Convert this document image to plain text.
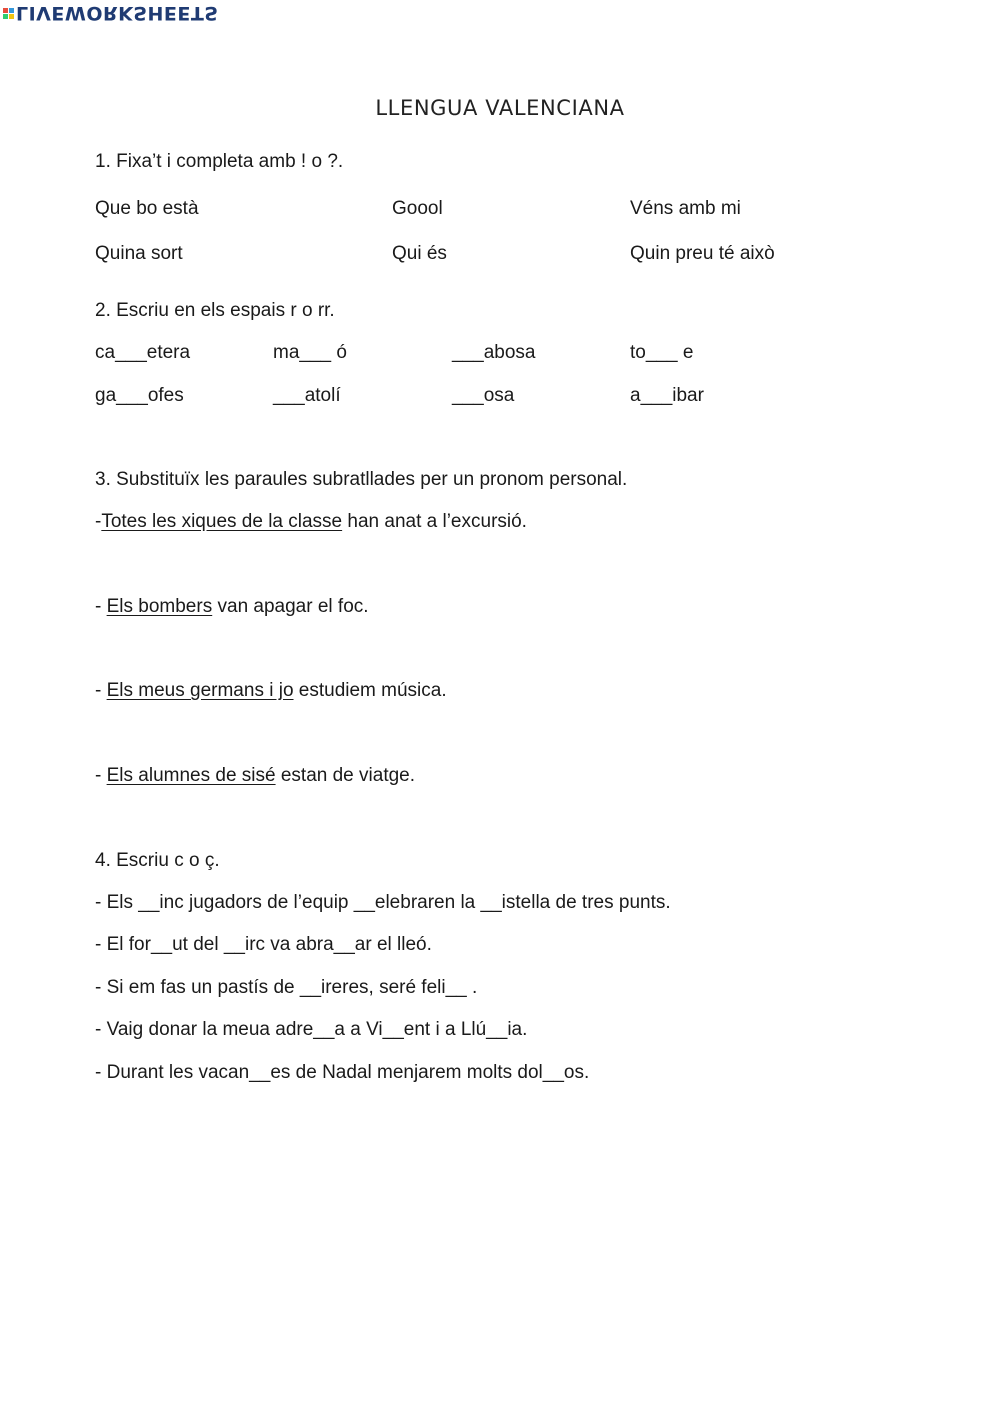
LIVEWORKSHEETS
LLENGUA VALENCIANA
1. Fixa’t i completa amb ! o ?.
Que bo està	Goool	Véns amb mi
Quina sort	Qui és	Quin preu té això
2. Escriu en els espais r o rr.
ca___etera	ma___ ó	___abosa	to___ e
ga___ofes	___atolí	___osa	a___ibar
3. Substituïx les paraules subratllades per un pronom personal.
-Totes les xiques de la classe han anat a l’excursió.
- Els bombers van apagar el foc.
- Els meus germans i jo estudiem música.
- Els alumnes de sisé estan de viatge.
4. Escriu c o ç.
- Els __inc jugadors de l’equip __elebraren la __istella de tres punts.
- El for__ut del __irc va abra__ar el lleó.
- Si em fas un pastís de __ireres, seré feli__ .
- Vaig donar la meua adre__a a Vi__ent i a Llú__ia.
- Durant les vacan__es de Nadal menjarem molts dol__os.
